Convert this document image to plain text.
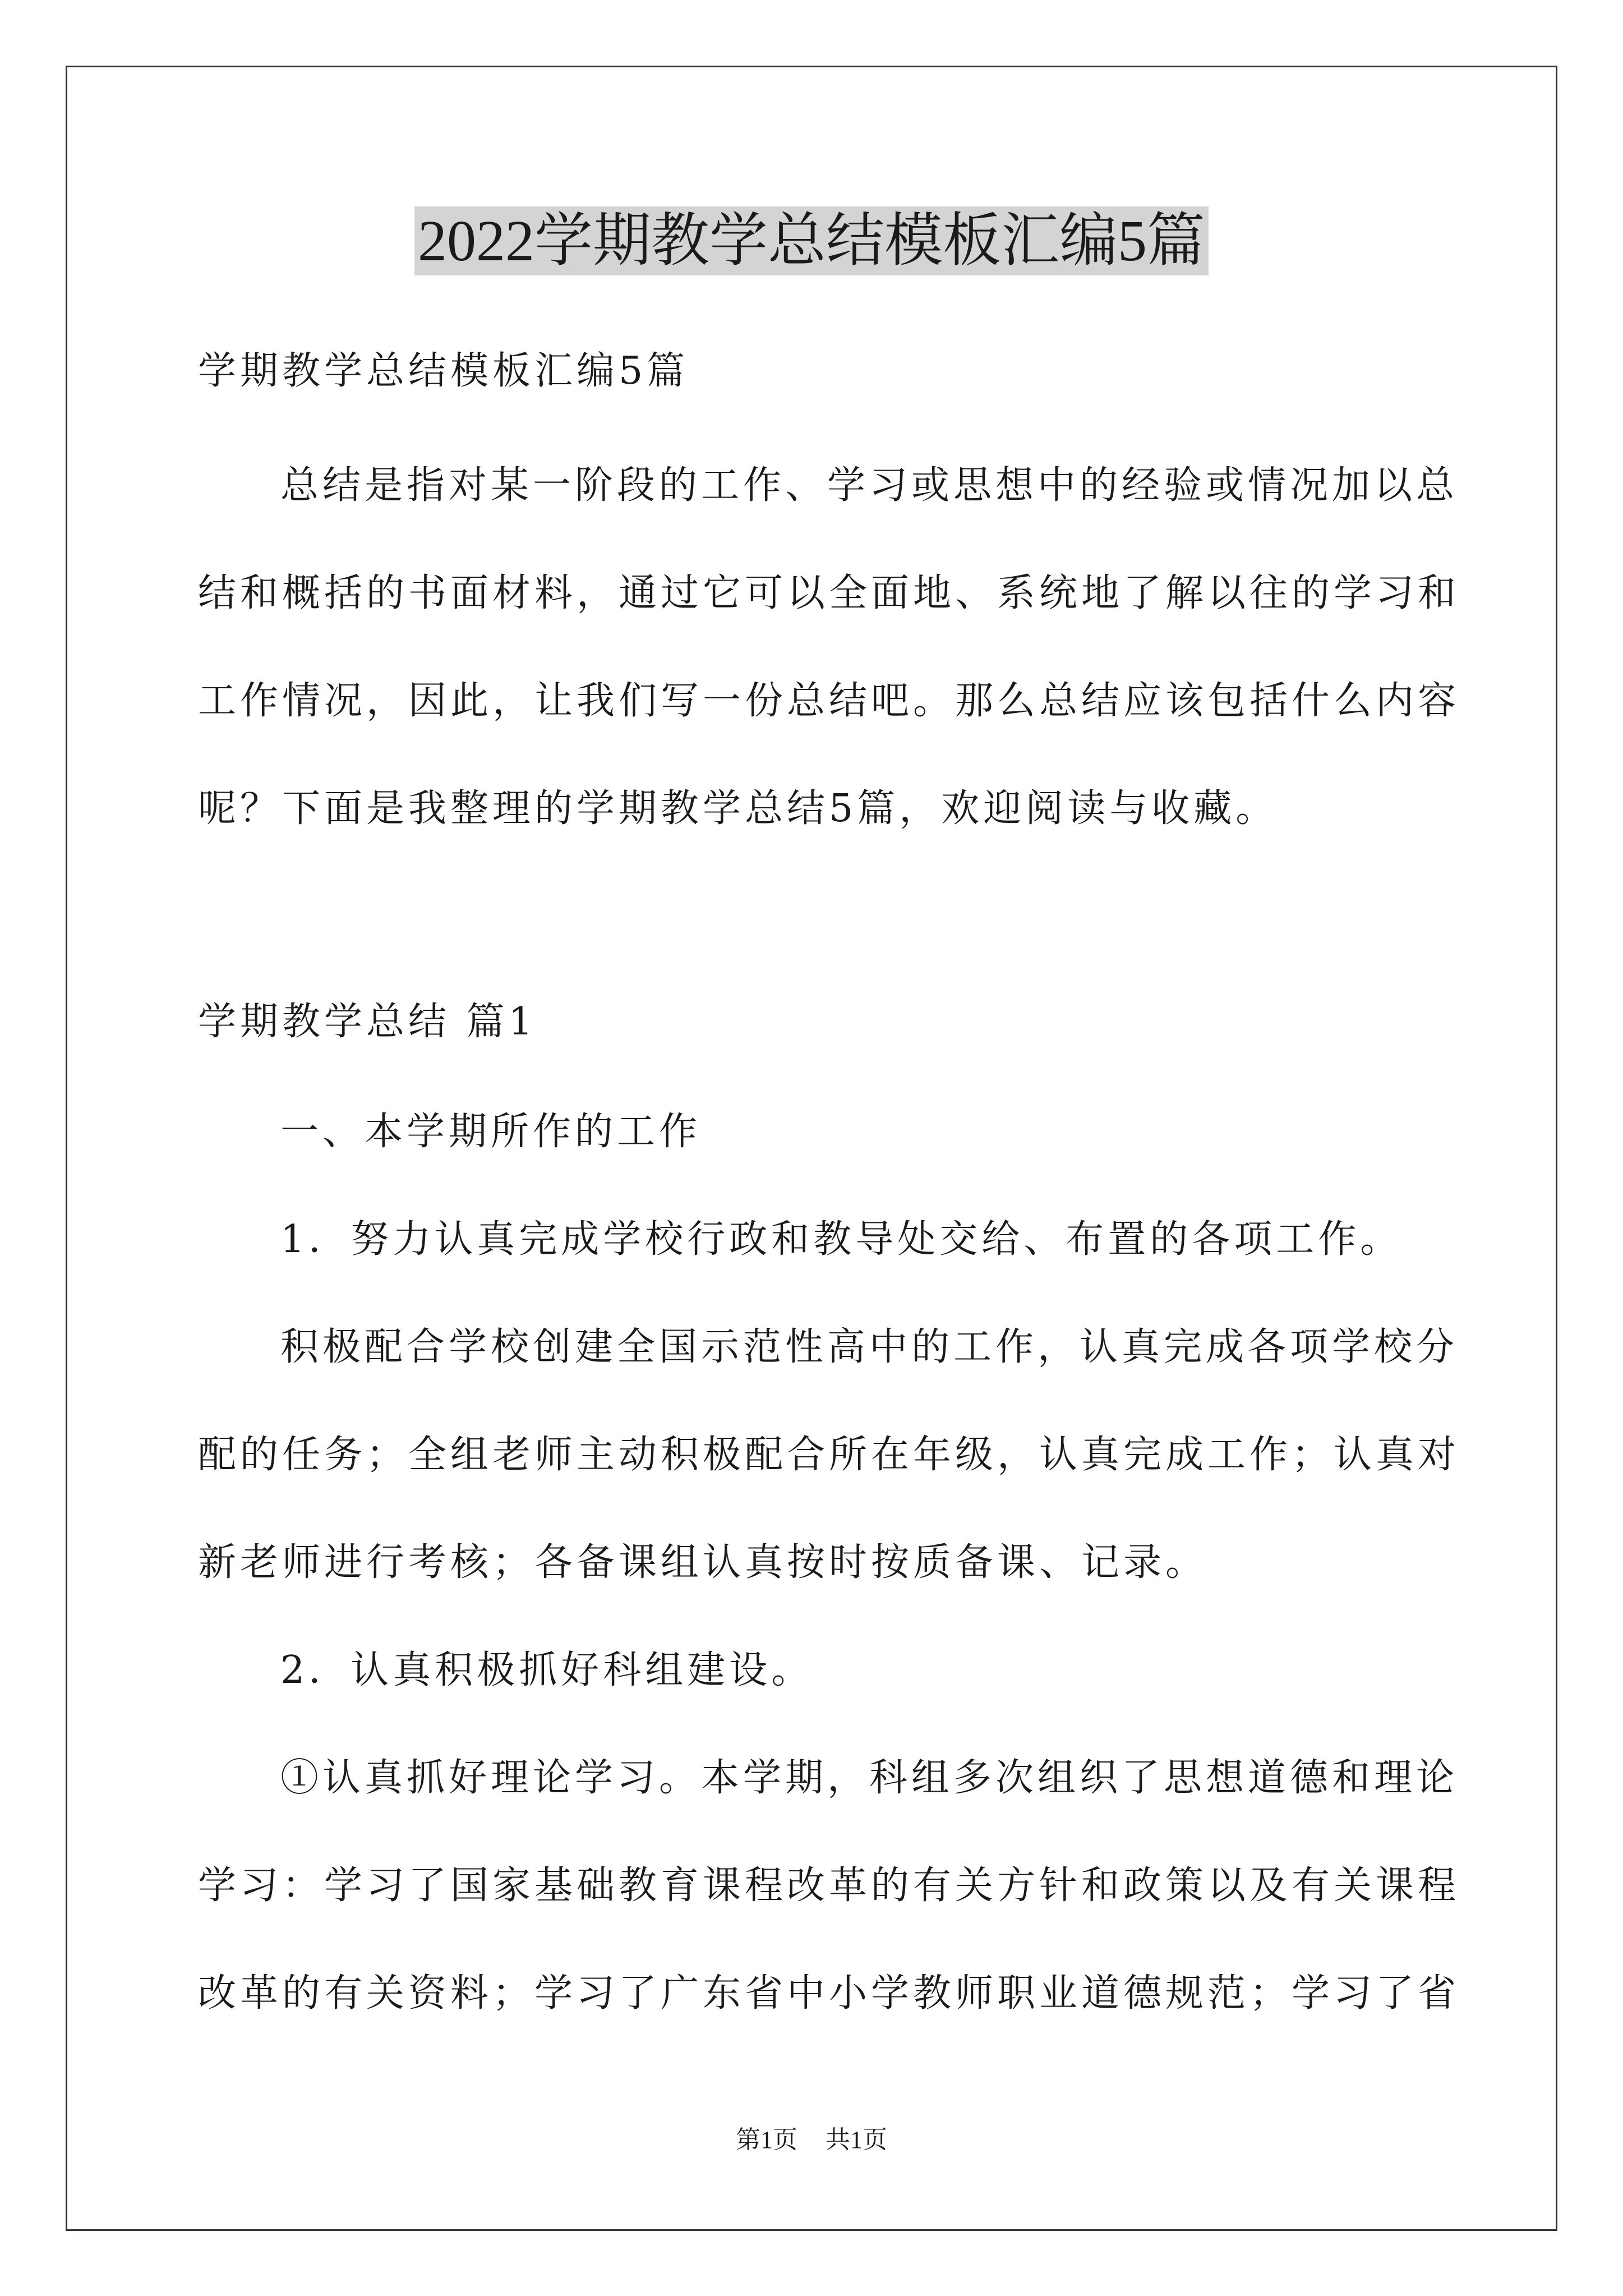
2022学期教学总结模板汇编5篇
学期教学总结模板汇编5篇
总结是指对某一阶段的工作、学习或思想中的经验或情况加以总
结和概括的书面材料，通过它可以全面地、系统地了解以往的学习和
工作情况，因此，让我们写一份总结吧。那么总结应该包括什么内容
呢？下面是我整理的学期教学总结5篇，欢迎阅读与收藏。
学期教学总结 篇1
一、本学期所作的工作
1．努力认真完成学校行政和教导处交给、布置的各项工作。
积极配合学校创建全国示范性高中的工作，认真完成各项学校分
配的任务；全组老师主动积极配合所在年级，认真完成工作；认真对
新老师进行考核；各备课组认真按时按质备课、记录。
2．认真积极抓好科组建设。
①认真抓好理论学习。本学期，科组多次组织了思想道德和理论
学习：学习了国家基础教育课程改革的有关方针和政策以及有关课程
改革的有关资料；学习了广东省中小学教师职业道德规范；学习了省
第1页 共1页
